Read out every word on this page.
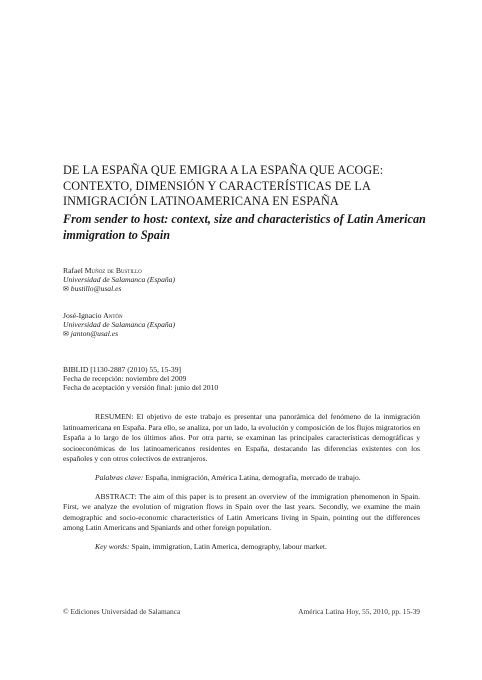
DE LA ESPAÑA QUE EMIGRA A LA ESPAÑA QUE ACOGE: CONTEXTO, DIMENSIÓN Y CARACTERÍSTICAS DE LA INMIGRACIÓN LATINOAMERICANA EN ESPAÑA
From sender to host: context, size and characteristics of Latin American immigration to Spain
Rafael Muñoz de Bustillo
Universidad de Salamanca (España)
✉ bustillo@usal.es
José-Ignacio Antón
Universidad de Salamanca (España)
✉ janton@usal.es
BIBLID [1130-2887 (2010) 55, 15-39]
Fecha de recepción: noviembre del 2009
Fecha de aceptación y versión final: junio del 2010

RESUMEN: El objetivo de este trabajo es presentar una panorámica del fenómeno de la inmigración latinoamericana en España. Para ello, se analiza, por un lado, la evolución y composición de los flujos migratorios en España a lo largo de los últimos años. Por otra parte, se examinan las principales características demográficas y socioeconómicas de los latinoamericanos residentes en España, destacando las diferencias existentes con los españoles y con otros colectivos de extranjeros.

Palabras clave: España, inmigración, América Latina, demografía, mercado de trabajo.

ABSTRACT: The aim of this paper is to present an overview of the immigration phenomenon in Spain. First, we analyze the evolution of migration flows in Spain over the last years. Secondly, we examine the main demographic and socio-economic characteristics of Latin Americans living in Spain, pointing out the differences among Latin Americans and Spaniards and other foreign population.

Key words: Spain, immigration, Latin America, demography, labour market.

© Ediciones Universidad de Salamanca	América Latina Hoy, 55, 2010, pp. 15-39
